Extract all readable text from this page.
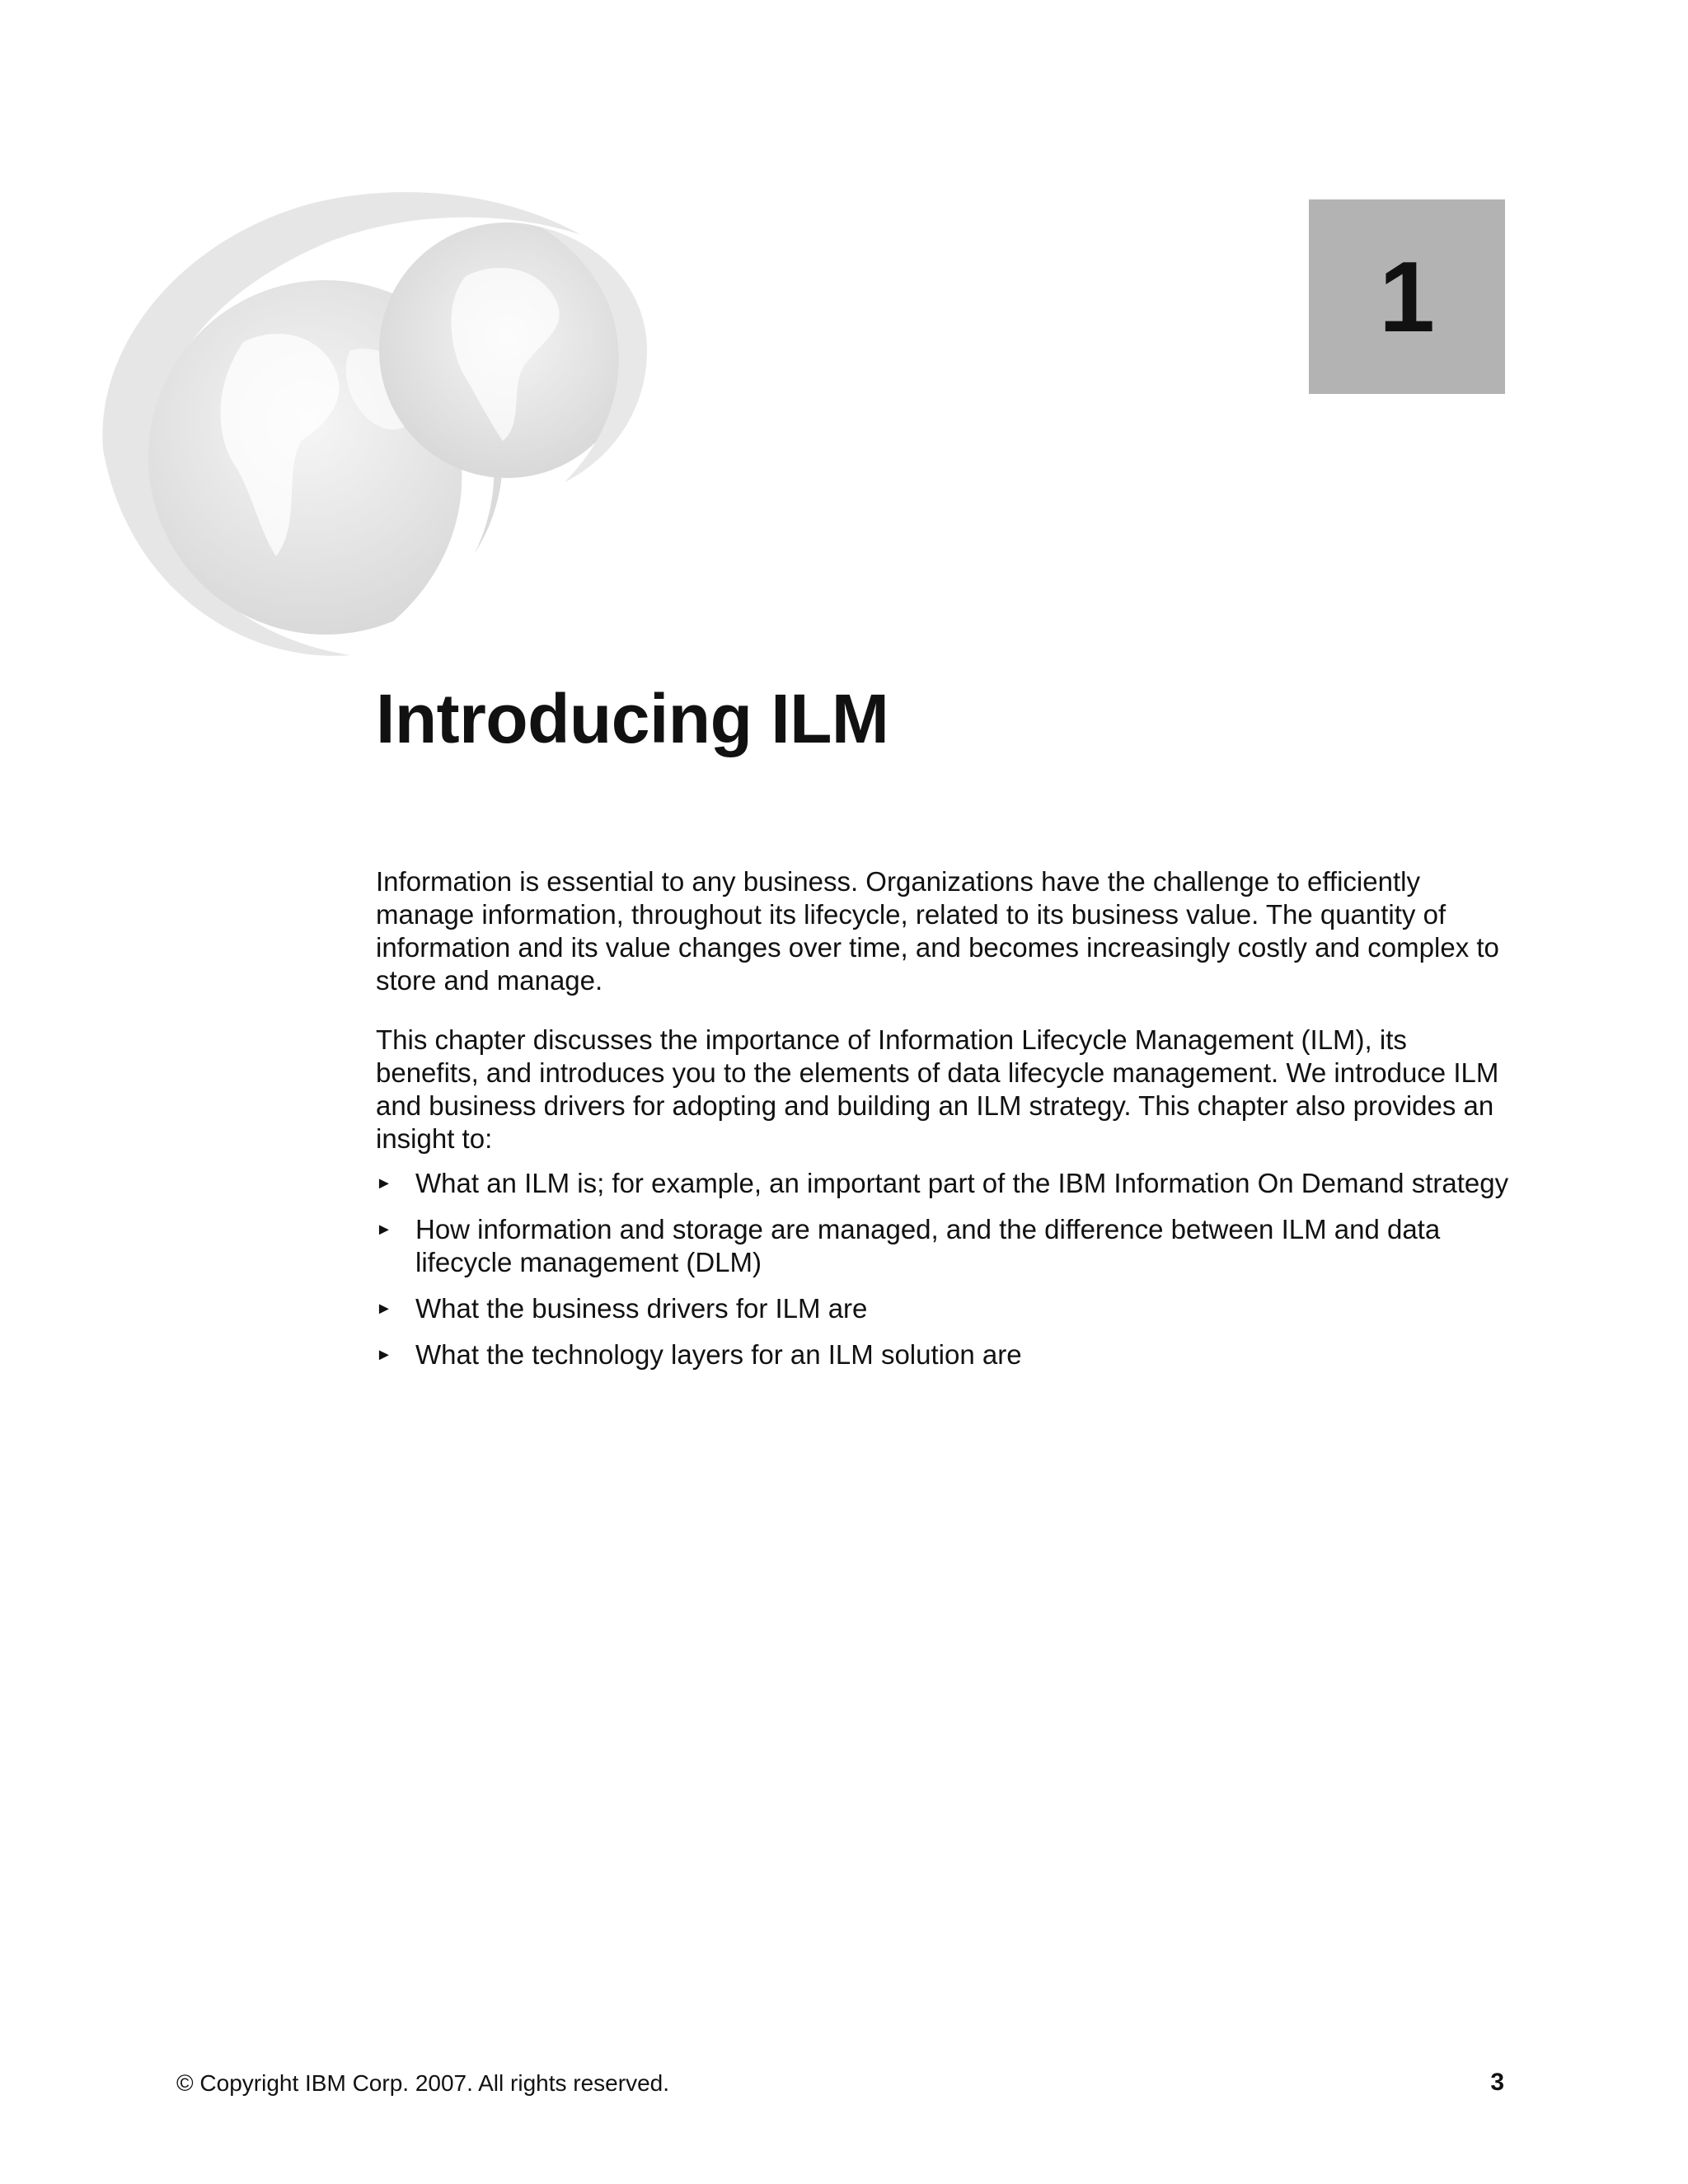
1
Introducing ILM

Information is essential to any business. Organizations have the challenge to efficiently manage information, throughout its lifecycle, related to its business value. The quantity of information and its value changes over time, and becomes increasingly costly and complex to store and manage.

This chapter discusses the importance of Information Lifecycle Management (ILM), its benefits, and introduces you to the elements of data lifecycle management. We introduce ILM and business drivers for adopting and building an ILM strategy. This chapter also provides an insight to:

► What an ILM is; for example, an important part of the IBM Information On Demand strategy
► How information and storage are managed, and the difference between ILM and data lifecycle management (DLM)
► What the business drivers for ILM are
► What the technology layers for an ILM solution are
© Copyright IBM Corp. 2007. All rights reserved.	3
